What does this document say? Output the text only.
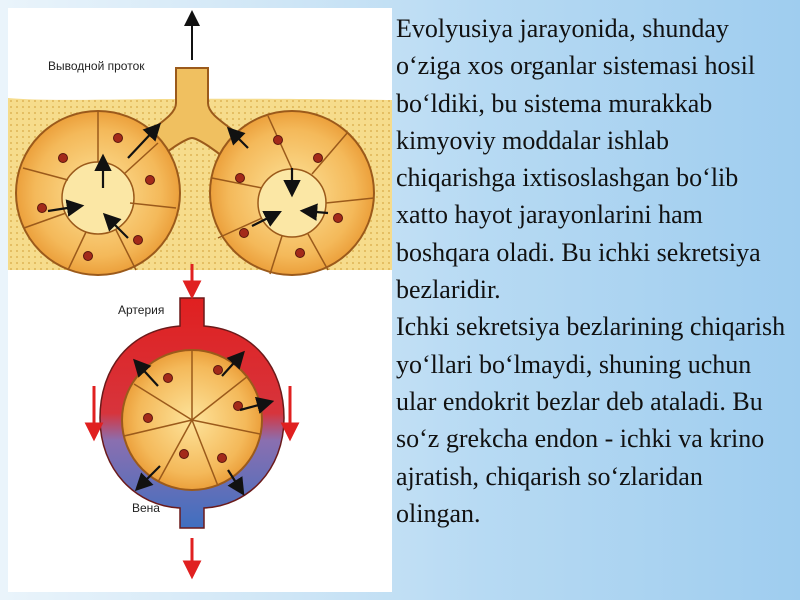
Выводной проток
Артерия
Вена

Evolyusiya jarayonida, shunday o‘ziga xos organlar sistemasi hosil bo‘ldiki, bu sistema murakkab kimyoviy moddalar ishlab chiqarishga ixtisoslashgan bo‘lib xatto hayot jarayonlarini ham boshqara oladi. Bu ichki sekretsiya bezlaridir.

Ichki sekretsiya bezlarining chiqarish yo‘llari bo‘lmaydi, shuning uchun ular endokrit bezlar deb ataladi. Bu so‘z grekcha endon - ichki va krino ajratish, chiqarish so‘zlaridan olingan.
